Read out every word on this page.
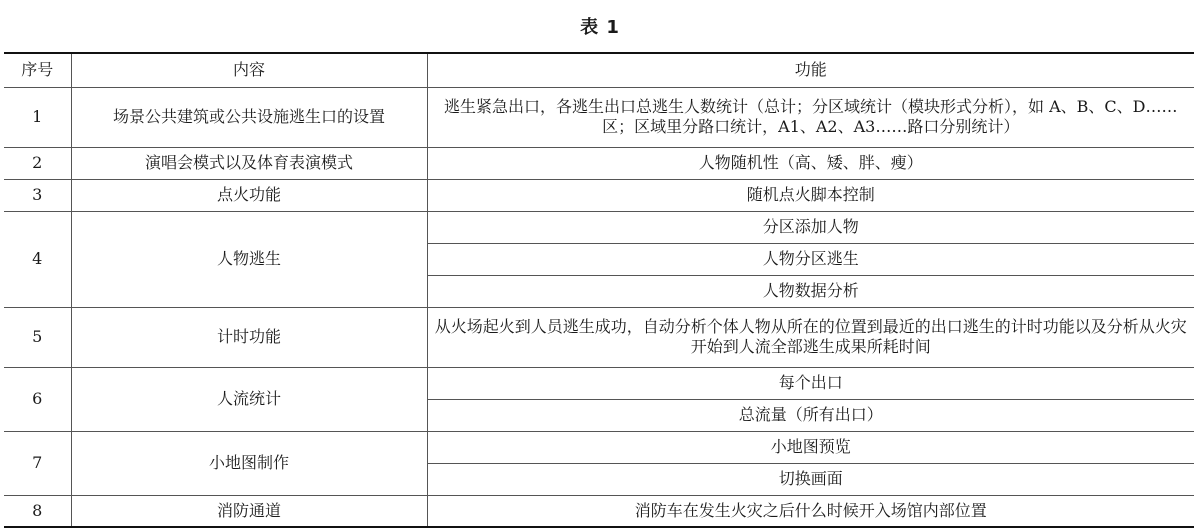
表 1
序号	内容	功能
1	场景公共建筑或公共设施逃生口的设置	逃生紧急出口，各逃生出口总逃生人数统计（总计；分区域统计（模块形式分析），如 A、B、C、D……区；区域里分路口统计，A1、A2、A3……路口分别统计）
2	演唱会模式以及体育表演模式	人物随机性（高、矮、胖、瘦）
3	点火功能	随机点火脚本控制
4	人物逃生	分区添加人物
		人物分区逃生
		人物数据分析
5	计时功能	从火场起火到人员逃生成功，自动分析个体人物从所在的位置到最近的出口逃生的计时功能以及分析从火灾开始到人流全部逃生成果所耗时间
6	人流统计	每个出口
		总流量（所有出口）
7	小地图制作	小地图预览
		切换画面
8	消防通道	消防车在发生火灾之后什么时候开入场馆内部位置
